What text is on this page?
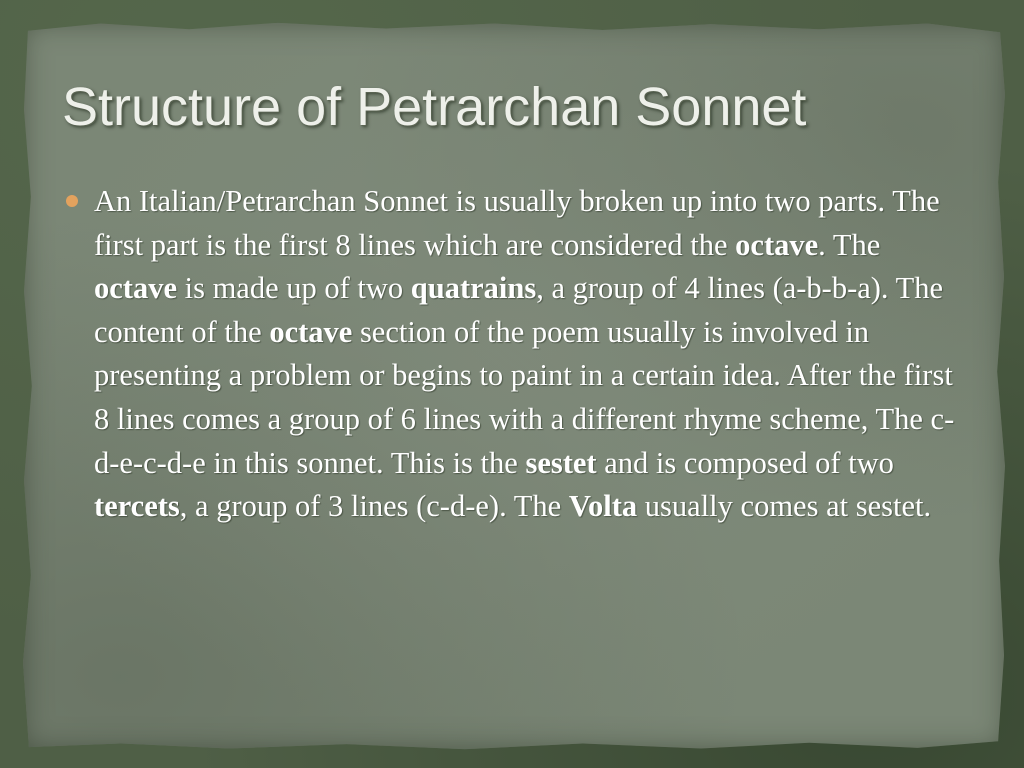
Structure of Petrarchan Sonnet
An Italian/Petrarchan Sonnet is usually broken up into two parts. The first part is the first 8 lines which are considered the octave. The octave is made up of two quatrains, a group of 4 lines (a-b-b-a). The content of the octave section of the poem usually is involved in presenting a problem or begins to paint in a certain idea. After the first 8 lines comes a group of 6 lines with a different rhyme scheme, The c-d-e-c-d-e in this sonnet. This is the sestet and is composed of two tercets, a group of 3 lines (c-d-e). The Volta usually comes at sestet.
